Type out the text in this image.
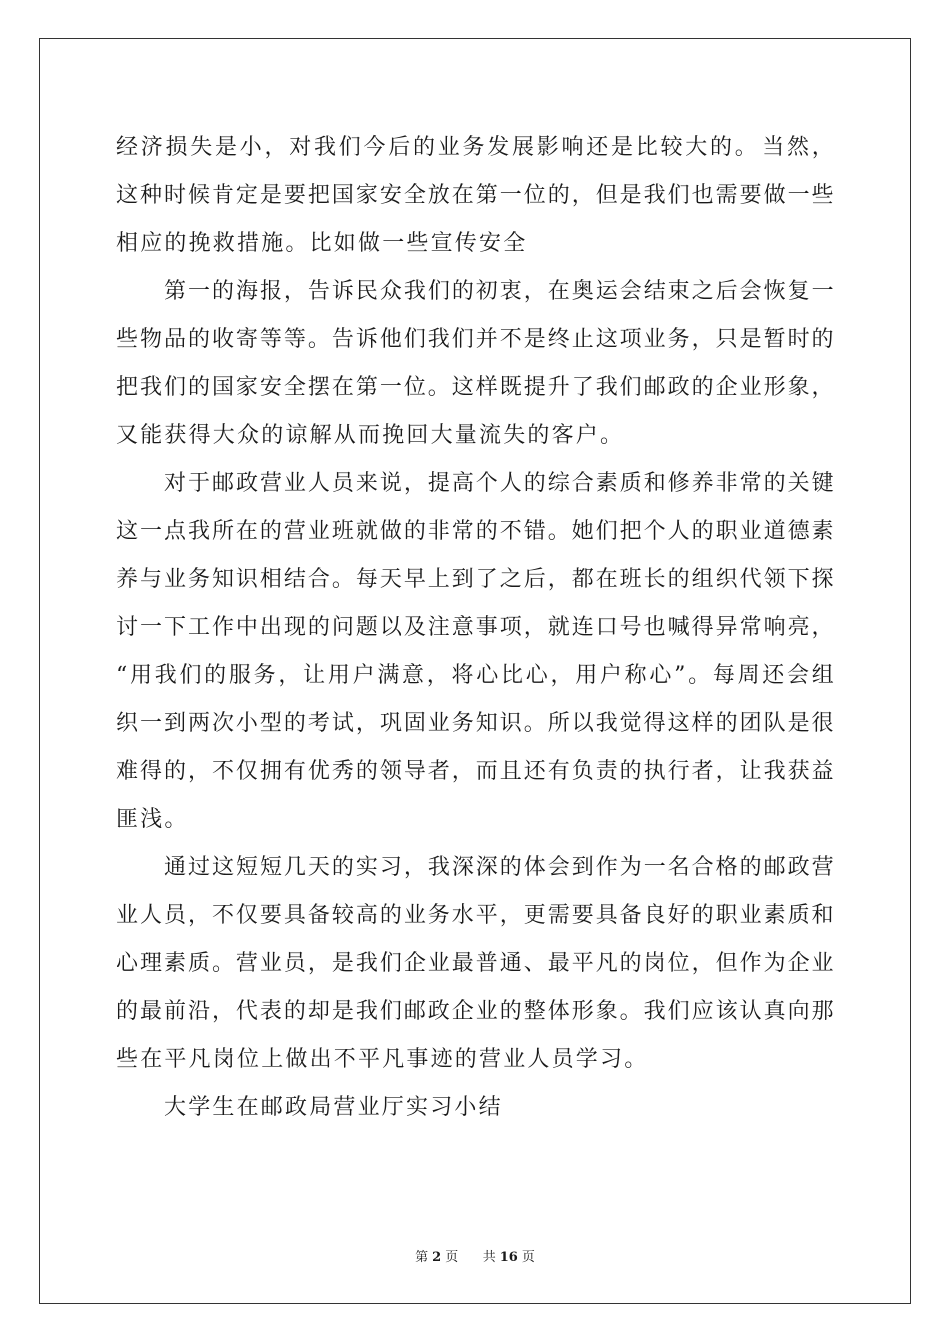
经 济 损 失 是 小 ， 对 我 们 今 后 的 业 务 发 展 影 响 还 是 比 较 大 的 。 当 然 ，
这 种 时 候 肯 定 是 要 把 国 家 安 全 放 在 第 一 位 的 ， 但 是 我 们 也 需 要 做 一 些
相应的挽救措施。比如做一些宣传安全
第 一 的 海 报 ， 告 诉 民 众 我 们 的 初 衷 ， 在 奥 运 会 结 束 之 后 会 恢 复 一
些 物 品 的 收 寄 等 等 。 告 诉 他 们 我 们 并 不 是 终 止 这 项 业 务 ， 只 是 暂 时 的
把 我 们 的 国 家 安 全 摆 在 第 一 位 。 这 样 既 提 升 了 我 们 邮 政 的 企 业 形 象 ，
又能获得大众的谅解从而挽回大量流失的客户。
对 于 邮 政 营 业 人 员 来 说 ， 提 高 个 人 的 综 合 素 质 和 修 养 非 常 的 关 键
这 一 点 我 所 在 的 营 业 班 就 做 的 非 常 的 不 错 。 她 们 把 个 人 的 职 业 道 德 素
养 与 业 务 知 识 相 结 合 。 每 天 早 上 到 了 之 后 ， 都 在 班 长 的 组 织 代 领 下 探
讨 一 下 工 作 中 出 现 的 问 题 以 及 注 意 事 项 ， 就 连 口 号 也 喊 得 异 常 响 亮 ，
“ 用 我 们 的 服 务 ， 让 用 户 满 意 ， 将 心 比 心 ， 用 户 称 心 ” 。 每 周 还 会 组
织 一 到 两 次 小 型 的 考 试 ， 巩 固 业 务 知 识 。 所 以 我 觉 得 这 样 的 团 队 是 很
难 得 的 ， 不 仅 拥 有 优 秀 的 领 导 者 ， 而 且 还 有 负 责 的 执 行 者 ， 让 我 获 益
匪浅。
通 过 这 短 短 几 天 的 实 习 ， 我 深 深 的 体 会 到 作 为 一 名 合 格 的 邮 政 营
业 人 员 ， 不 仅 要 具 备 较 高 的 业 务 水 平 ， 更 需 要 具 备 良 好 的 职 业 素 质 和
心 理 素 质 。 营 业 员 ， 是 我 们 企 业 最 普 通 、 最 平 凡 的 岗 位 ， 但 作 为 企 业
的 最 前 沿 ， 代 表 的 却 是 我 们 邮 政 企 业 的 整 体 形 象 。 我 们 应 该 认 真 向 那
些在平凡岗位上做出不平凡事迹的营业人员学习。
大学生在邮政局营业厅实习小结
第 2 页 共 16 页
